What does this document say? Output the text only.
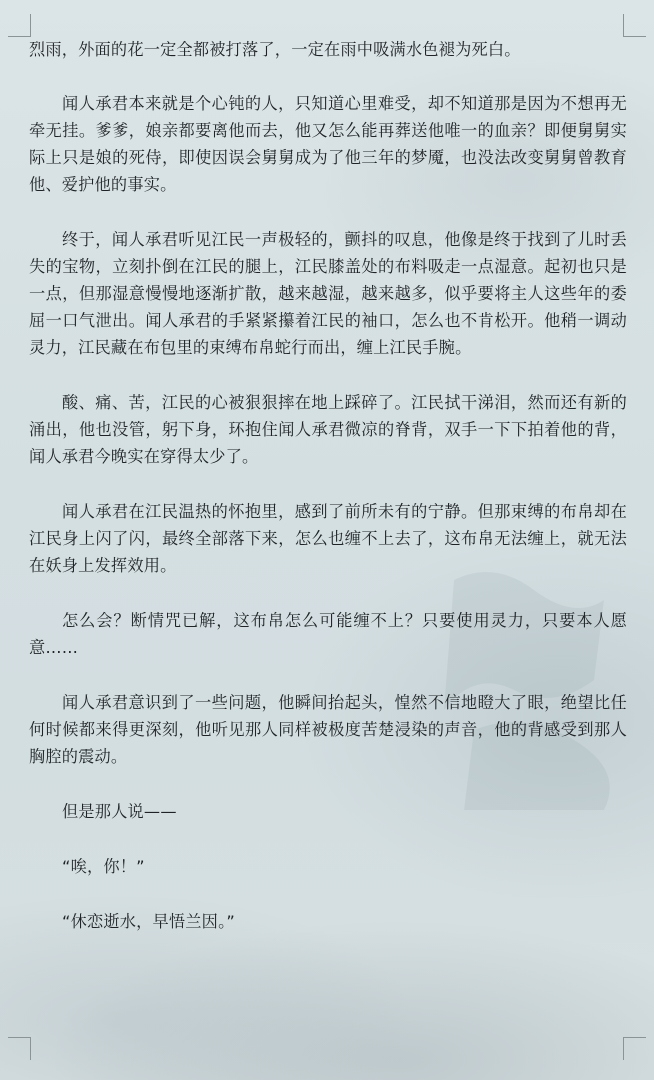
烈雨，外面的花一定全都被打落了，一定在雨中吸满水色褪为死白。

闻人承君本来就是个心钝的人，只知道心里难受，却不知道那是因为不想再无牵无挂。爹爹，娘亲都要离他而去，他又怎么能再葬送他唯一的血亲？即便舅舅实际上只是娘的死侍，即使因误会舅舅成为了他三年的梦魇，也没法改变舅舅曾教育他、爱护他的事实。

终于，闻人承君听见江民一声极轻的，颤抖的叹息，他像是终于找到了儿时丢失的宝物，立刻扑倒在江民的腿上，江民膝盖处的布料吸走一点湿意。起初也只是一点，但那湿意慢慢地逐渐扩散，越来越湿，越来越多，似乎要将主人这些年的委屈一口气泄出。闻人承君的手紧紧攥着江民的袖口，怎么也不肯松开。他稍一调动灵力，江民藏在布包里的束缚布帛蛇行而出，缠上江民手腕。

酸、痛、苦，江民的心被狠狠摔在地上踩碎了。江民拭干涕泪，然而还有新的涌出，他也没管，躬下身，环抱住闻人承君微凉的脊背，双手一下下拍着他的背，闻人承君今晚实在穿得太少了。

闻人承君在江民温热的怀抱里，感到了前所未有的宁静。但那束缚的布帛却在江民身上闪了闪，最终全部落下来，怎么也缠不上去了，这布帛无法缠上，就无法在妖身上发挥效用。

怎么会？断情咒已解，这布帛怎么可能缠不上？只要使用灵力，只要本人愿意……

闻人承君意识到了一些问题，他瞬间抬起头，惶然不信地瞪大了眼，绝望比任何时候都来得更深刻，他听见那人同样被极度苦楚浸染的声音，他的背感受到那人胸腔的震动。

但是那人说——

“唉，你！”

“休恋逝水，早悟兰因。”
